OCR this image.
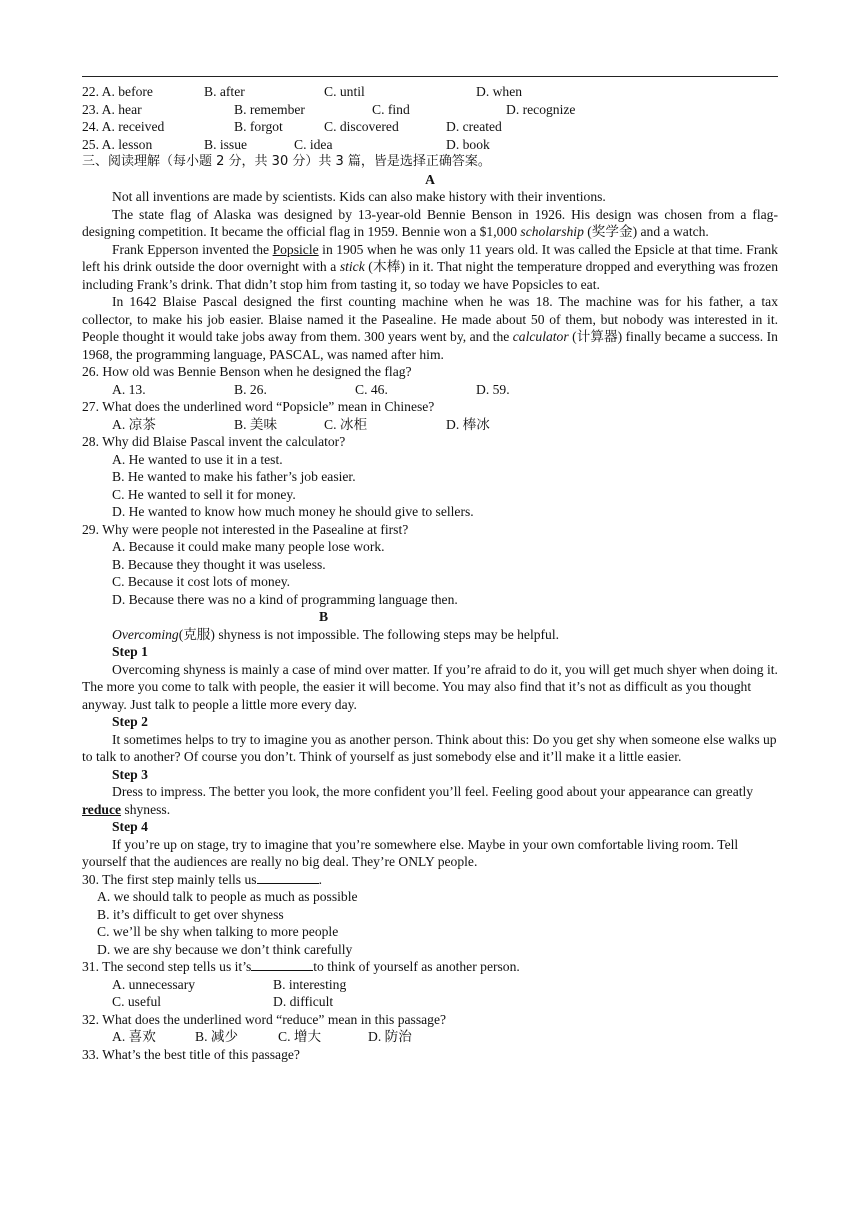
22. A. before	B. after	C. until	D. when
23. A. hear	B. remember	C. find	D. recognize
24. A. received	B. forgot	C. discovered	D. created
25. A. lesson	B. issue	C. idea	D. book

三、阅读理解（每小题 2 分，共 30 分）共 3 篇，皆是选择正确答案。

A

Not all inventions are made by scientists. Kids can also make history with their inventions.

The state flag of Alaska was designed by 13-year-old Bennie Benson in 1926. His design was chosen from a flag-designing competition. It became the official flag in 1959. Bennie won a $1,000 scholarship (奖学金) and a watch.

Frank Epperson invented the Popsicle in 1905 when he was only 11 years old. It was called the Epsicle at that time. Frank left his drink outside the door overnight with a stick (木棒) in it. That night the temperature dropped and everything was frozen including Frank’s drink. That didn’t stop him from tasting it, so today we have Popsicles to eat.

In 1642 Blaise Pascal designed the first counting machine when he was 18. The machine was for his father, a tax collector, to make his job easier. Blaise named it the Pasealine. He made about 50 of them, but nobody was interested in it. People thought it would take jobs away from them. 300 years went by, and the calculator (计算器) finally became a success. In 1968, the programming language, PASCAL, was named after him.

26. How old was Bennie Benson when he designed the flag?

A. 13.	B. 26.	C. 46.	D. 59.

27. What does the underlined word “Popsicle” mean in Chinese?

A. 凉茶	B. 美味	C. 冰柜	D. 棒冰

28. Why did Blaise Pascal invent the calculator?

A. He wanted to use it in a test.

B. He wanted to make his father’s job easier.

C. He wanted to sell it for money.

D. He wanted to know how much money he should give to sellers.

29. Why were people not interested in the Pasealine at first?

A. Because it could make many people lose work.

B. Because they thought it was useless.

C. Because it cost lots of money.

D. Because there was no a kind of programming language then.

B

Overcoming(克服) shyness is not impossible. The following steps may be helpful.

Step 1

Overcoming shyness is mainly a case of mind over matter. If you’re afraid to do it, you will get much shyer when doing it. The more you come to talk with people, the easier it will become. You may also find that it’s not as difficult as you thought anyway. Just talk to people a little more every day.

Step 2

It sometimes helps to try to imagine you as another person. Think about this: Do you get shy when someone else walks up to talk to another? Of course you don’t. Think of yourself as just somebody else and it’ll make it a little easier.

Step 3

Dress to impress. The better you look, the more confident you’ll feel. Feeling good about your appearance can greatly reduce shyness.

Step 4

If you’re up on stage, try to imagine that you’re somewhere else. Maybe in your own comfortable living room. Tell yourself that the audiences are really no big deal. They’re ONLY people.

30. The first step mainly tells us	.

A. we should talk to people as much as possible

B. it’s difficult to get over shyness

C. we’ll be shy when talking to more people

D. we are shy because we don’t think carefully

31. The second step tells us it’s	to think of yourself as another person.

A. unnecessary	B. interesting
C. useful	D. difficult

32. What does the underlined word “reduce” mean in this passage?

A. 喜欢	B. 减少	C. 增大	D. 防治

33. What’s the best title of this passage?
